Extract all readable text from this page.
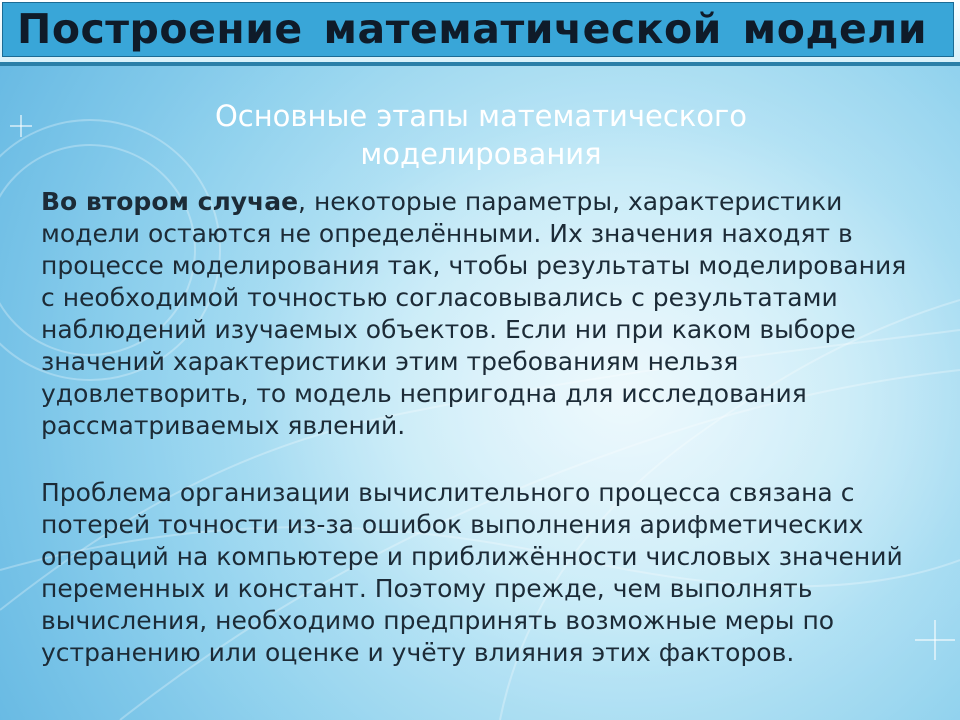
Построение математической модели
Основные этапы математического
моделирования

Во втором случае, некоторые параметры, характеристики модели остаются не определёнными. Их значения находят в процессе моделирования так, чтобы результаты моделирования с необходимой точностью согласовывались с результатами наблюдений изучаемых объектов. Если ни при каком выборе значений характеристики этим требованиям нельзя удовлетворить, то модель непригодна для исследования рассматриваемых явлений.

Проблема организации вычислительного процесса связана с потерей точности из-за ошибок выполнения арифметических операций на компьютере и приближённости числовых значений переменных и констант. Поэтому прежде, чем выполнять вычисления, необходимо предпринять возможные меры по устранению или оценке и учёту влияния этих факторов.
